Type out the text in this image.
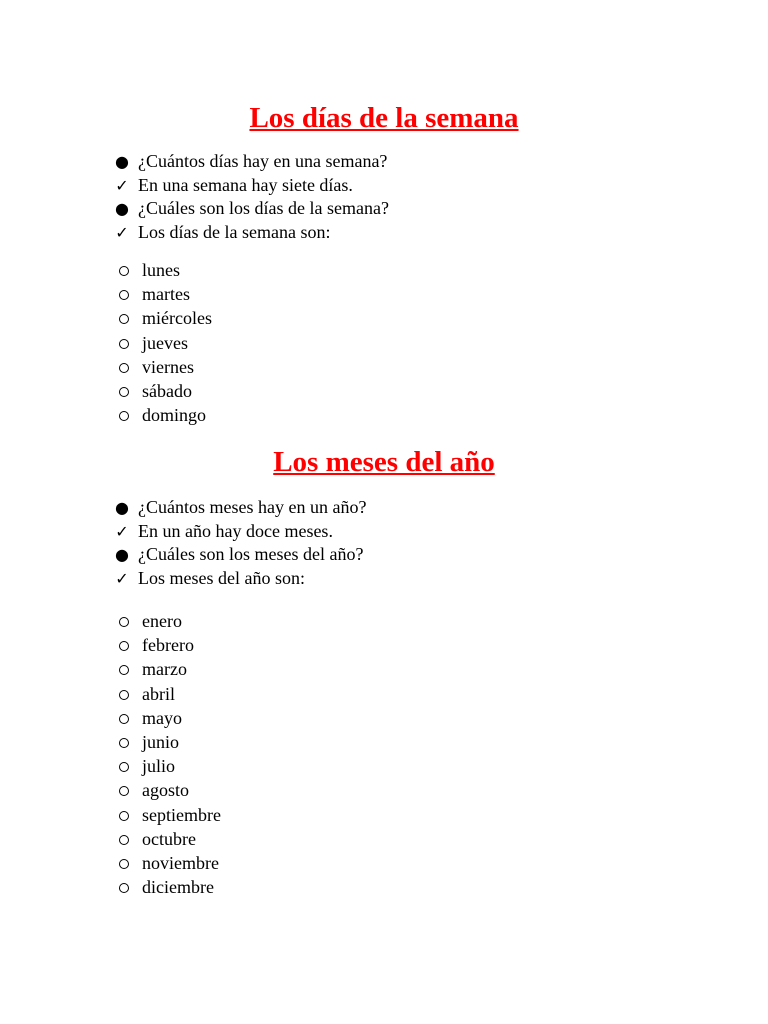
Los días de la semana
● ¿Cuántos días hay en una semana?
✓ En una semana hay siete días.
● ¿Cuáles son los días de la semana?
✓ Los días de la semana son:
lunes
martes
miércoles
jueves
viernes
sábado
domingo
Los meses del año
● ¿Cuántos meses hay en un año?
✓ En un año hay doce meses.
● ¿Cuáles son los meses del año?
✓ Los meses del año son:
enero
febrero
marzo
abril
mayo
junio
julio
agosto
septiembre
octubre
noviembre
diciembre
